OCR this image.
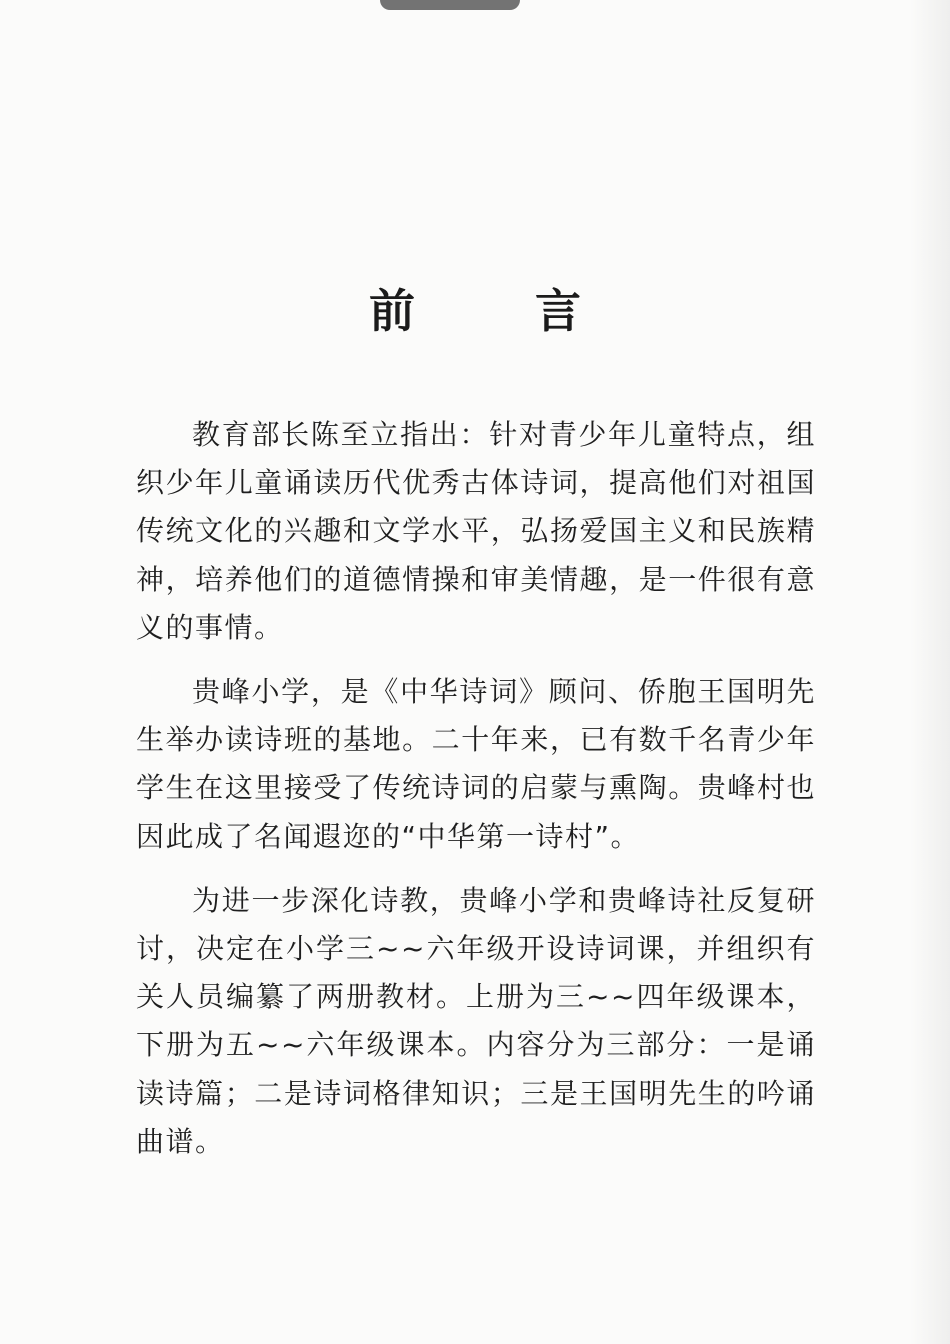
前 言

教育部长陈至立指出：针对青少年儿童特点，组织少年儿童诵读历代优秀古体诗词，提高他们对祖国传统文化的兴趣和文学水平，弘扬爱国主义和民族精神，培养他们的道德情操和审美情趣，是一件很有意义的事情。

贵峰小学，是《中华诗词》顾问、侨胞王国明先生举办读诗班的基地。二十年来，已有数千名青少年学生在这里接受了传统诗词的启蒙与熏陶。贵峰村也因此成了名闻遐迩的“中华第一诗村”。

为进一步深化诗教，贵峰小学和贵峰诗社反复研讨，决定在小学三~~六年级开设诗词课，并组织有关人员编纂了两册教材。上册为三~~四年级课本，下册为五~~六年级课本。内容分为三部分：一是诵读诗篇；二是诗词格律知识；三是王国明先生的吟诵曲谱。
